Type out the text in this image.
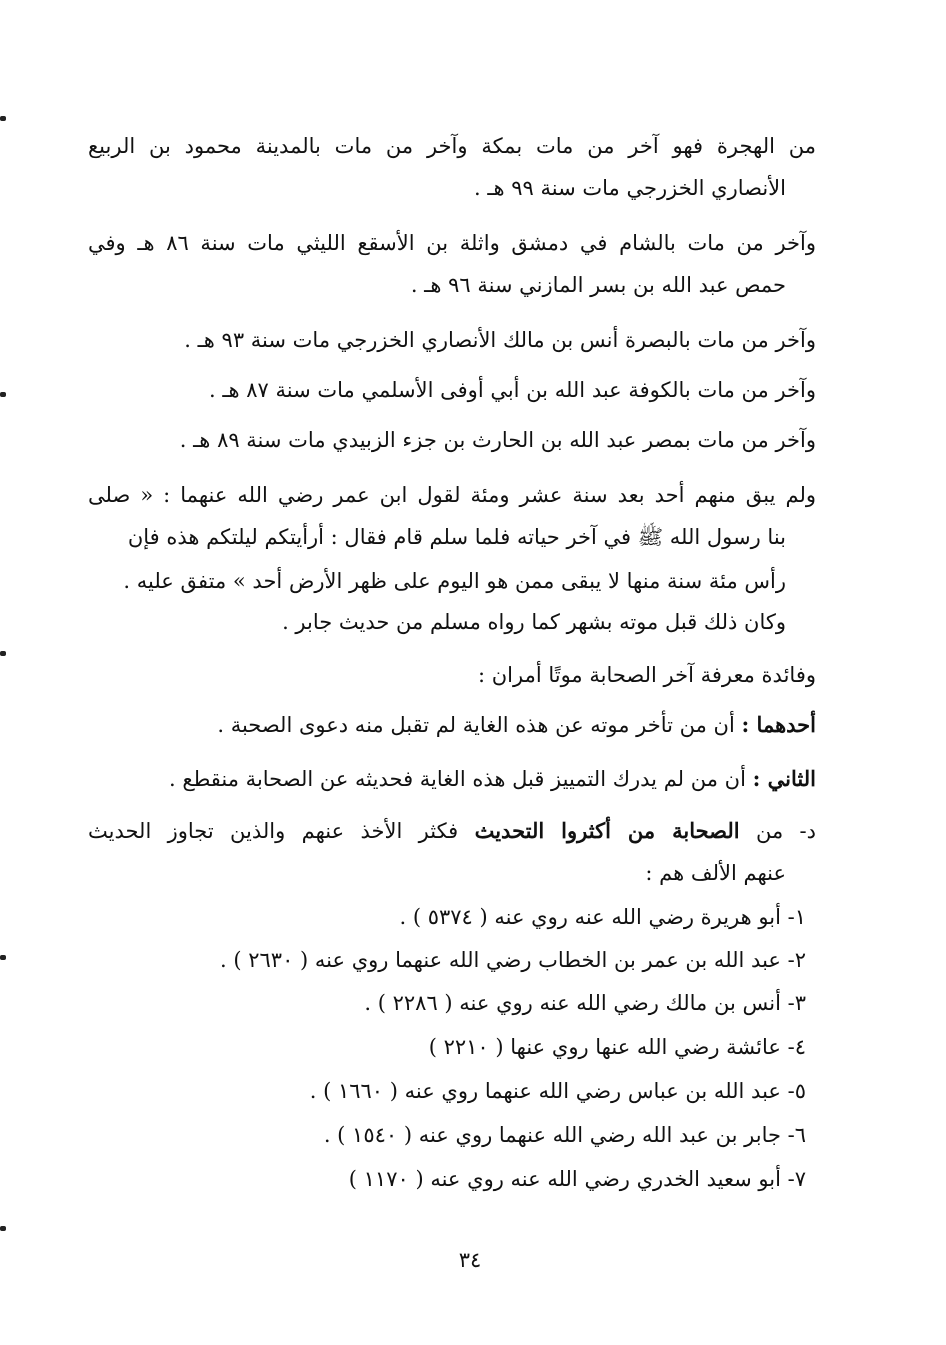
من الهجرة فهو آخر من مات بمكة وآخر من مات بالمدينة محمود بن الربيع
الأنصاري الخزرجي مات سنة ٩٩ هـ .
وآخر من مات بالشام في دمشق واثلة بن الأسقع الليثي مات سنة ٨٦ هـ وفي
حمص عبد الله بن بسر المازني سنة ٩٦ هـ .
وآخر من مات بالبصرة أنس بن مالك الأنصاري الخزرجي مات سنة ٩٣ هـ .
وآخر من مات بالكوفة عبد الله بن أبي أوفى الأسلمي مات سنة ٨٧ هـ .
وآخر من مات بمصر عبد الله بن الحارث بن جزء الزبيدي مات سنة ٨٩ هـ .
ولم يبق منهم أحد بعد سنة عشر ومئة لقول ابن عمر رضي الله عنهما : « صلى
بنا رسول الله ﷺ في آخر حياته فلما سلم قام فقال : أرأيتكم ليلتكم هذه فإن
رأس مئة سنة منها لا يبقى ممن هو اليوم على ظهر الأرض أحد » متفق عليه .
وكان ذلك قبل موته بشهر كما رواه مسلم من حديث جابر .
وفائدة معرفة آخر الصحابة موتًا أمران :
أحدهما : أن من تأخر موته عن هذه الغاية لم تقبل منه دعوى الصحبة .
الثاني : أن من لم يدرك التمييز قبل هذه الغاية فحديثه عن الصحابة منقطع .
د- من الصحابة من أكثروا التحديث فكثر الأخذ عنهم والذين تجاوز الحديث
عنهم الألف هم :
١- أبو هريرة رضي الله عنه روي عنه ( ٥٣٧٤ ) .
٢- عبد الله بن عمر بن الخطاب رضي الله عنهما روي عنه ( ٢٦٣٠ ) .
٣- أنس بن مالك رضي الله عنه روي عنه ( ٢٢٨٦ ) .
٤- عائشة رضي الله عنها روي عنها ( ٢٢١٠ )
٥- عبد الله بن عباس رضي الله عنهما روي عنه ( ١٦٦٠ ) .
٦- جابر بن عبد الله رضي الله عنهما روي عنه ( ١٥٤٠ ) .
٧- أبو سعيد الخدري رضي الله عنه روي عنه ( ١١٧٠ )
٣٤
